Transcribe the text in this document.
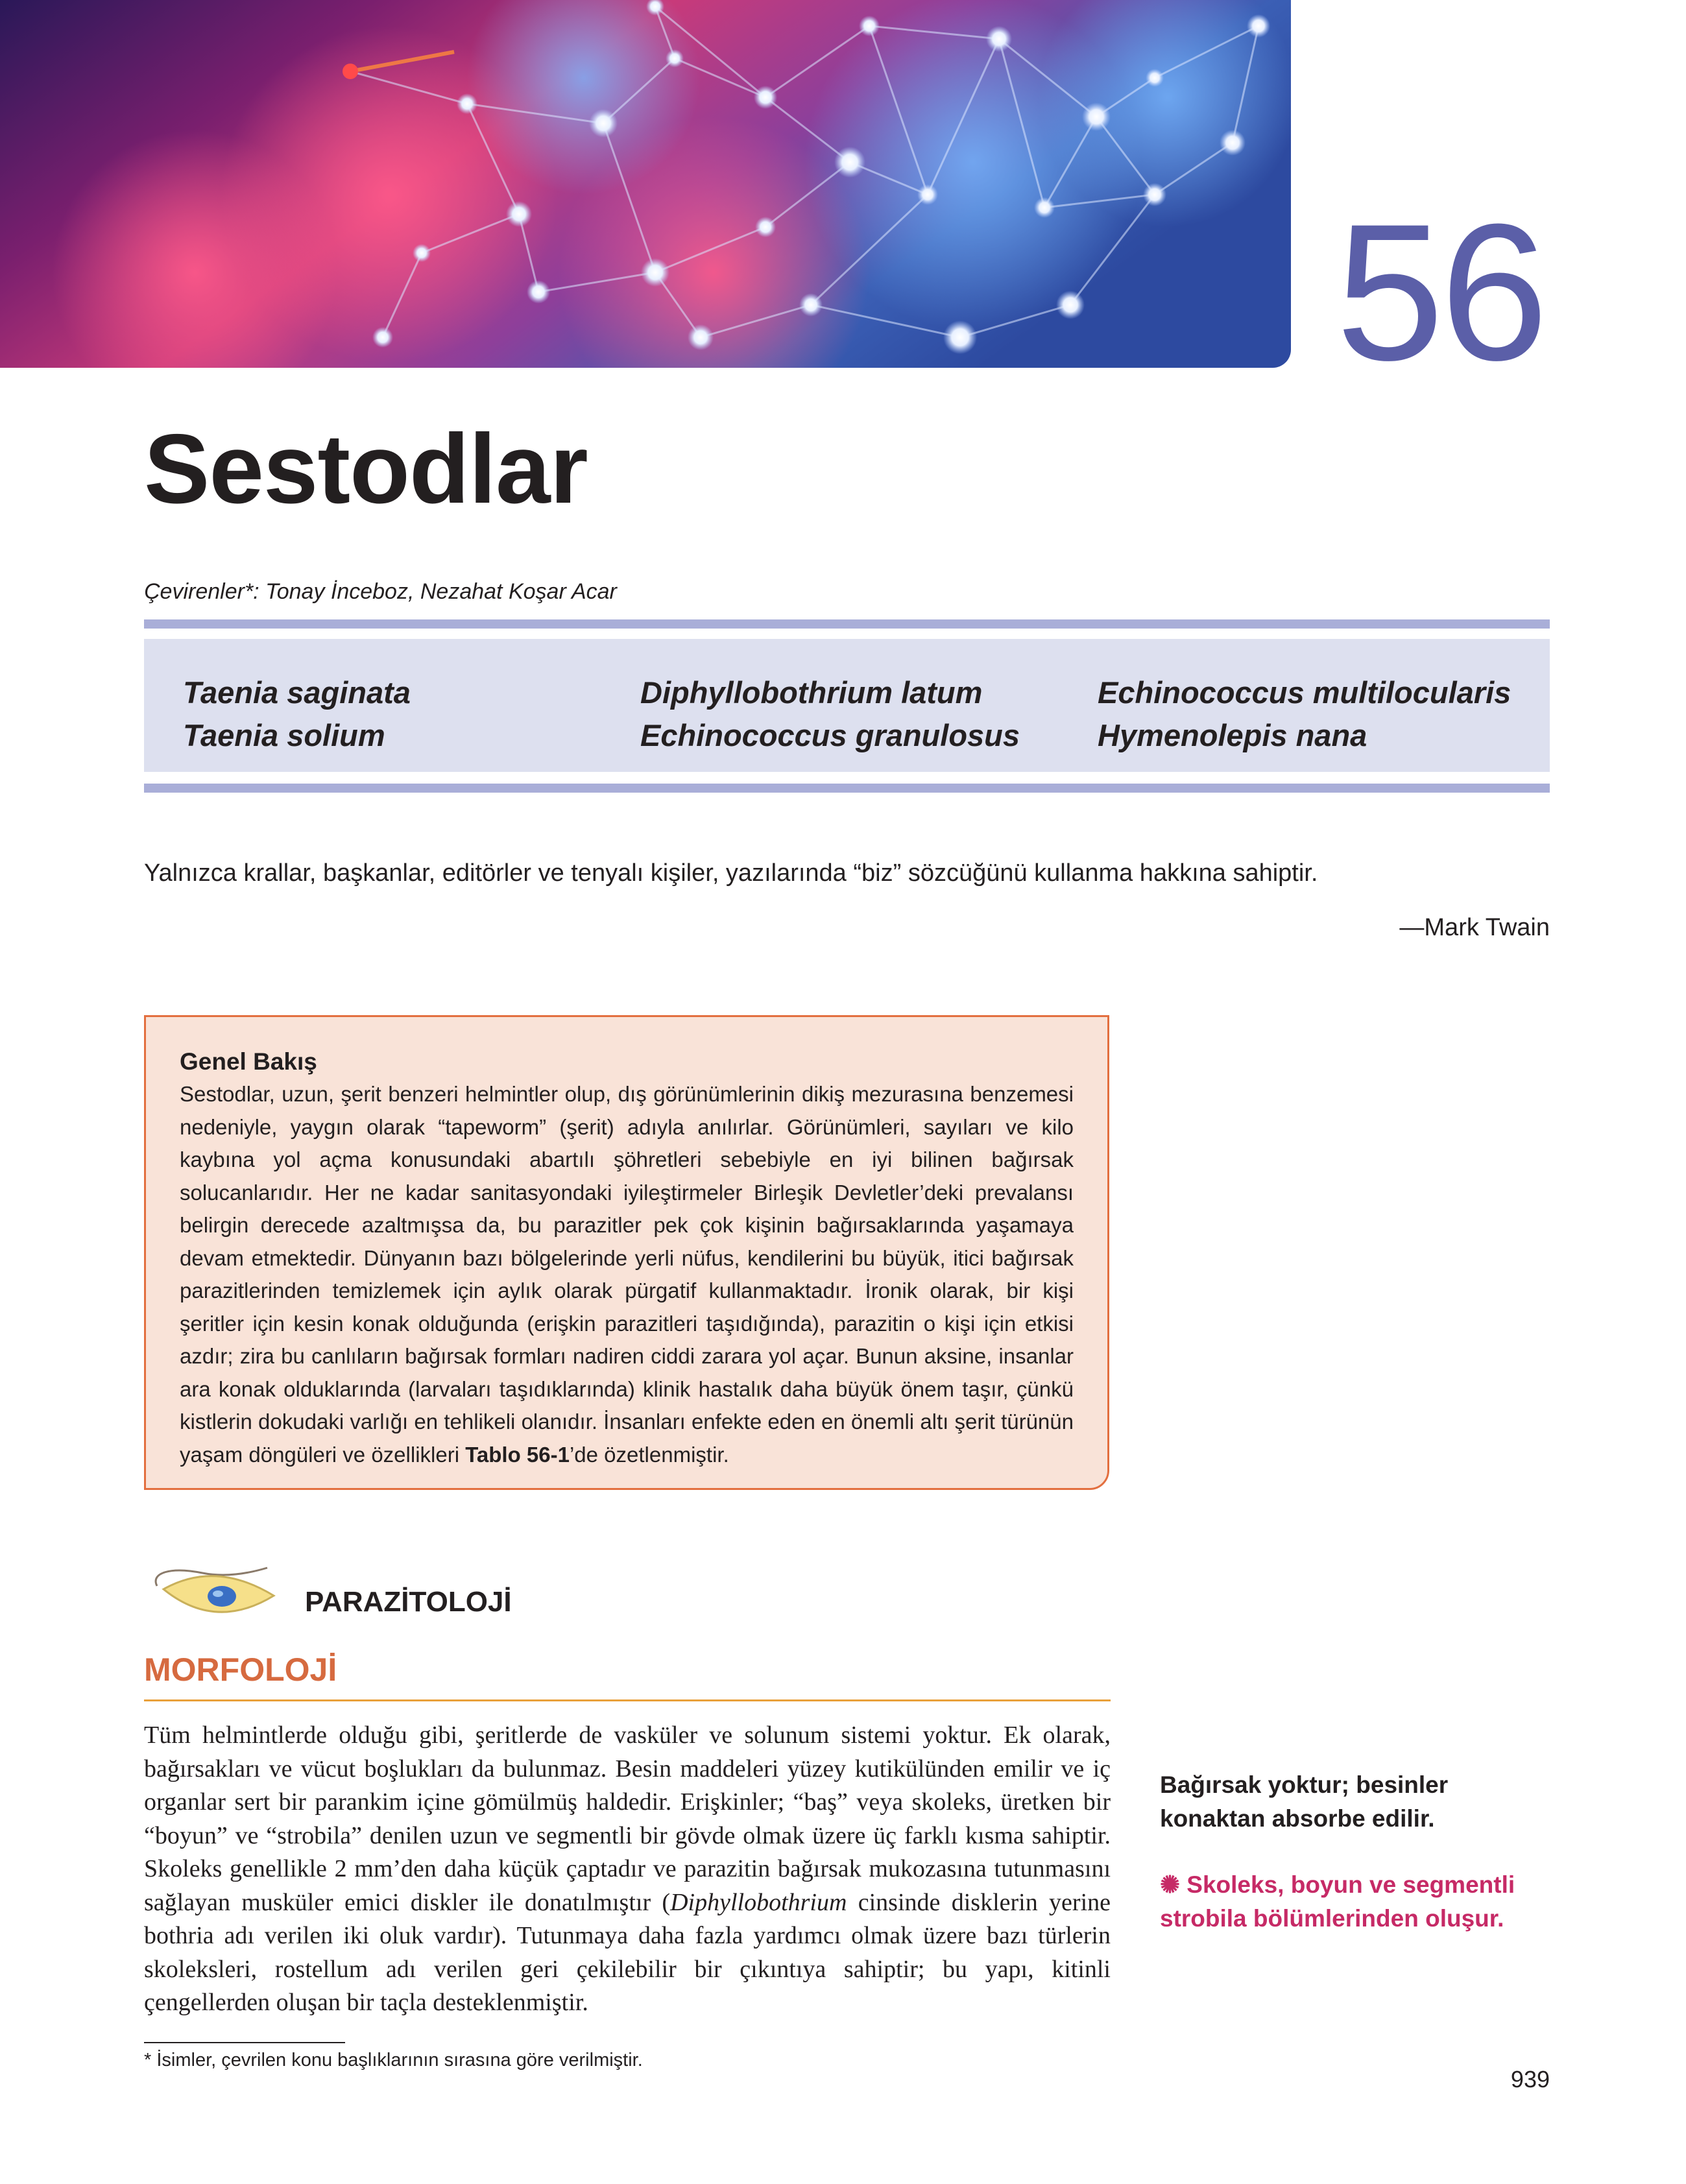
56
Sestodlar
Çevirenler*: Tonay İnceboz, Nezahat Koşar Acar
Taenia saginata
Taenia solium
Diphyllobothrium latum
Echinococcus granulosus
Echinococcus multilocularis
Hymenolepis nana
Yalnızca krallar, başkanlar, editörler ve tenyalı kişiler, yazılarında “biz” sözcüğünü kullanma hakkına sahiptir.
—Mark Twain
Genel Bakış
Sestodlar, uzun, şerit benzeri helmintler olup, dış görünümlerinin dikiş mezurasına benzemesi nedeniyle, yaygın olarak “tapeworm” (şerit) adıyla anılırlar. Görünümleri, sayıları ve kilo kaybına yol açma konusundaki abartılı şöhretleri sebebiyle en iyi bilinen bağırsak solucanlarıdır. Her ne kadar sanitasyondaki iyileştirmeler Birleşik Devletler’deki prevalansı belirgin derecede azaltmışsa da, bu parazitler pek çok kişinin bağırsaklarında yaşamaya devam etmektedir. Dünyanın bazı bölgelerinde yerli nüfus, kendilerini bu büyük, itici bağırsak parazitlerinden temizlemek için aylık olarak pürgatif kullanmaktadır. İronik olarak, bir kişi şeritler için kesin konak olduğunda (erişkin parazitleri taşıdığında), parazitin o kişi için etkisi azdır; zira bu canlıların bağırsak formları nadiren ciddi zarara yol açar. Bunun aksine, insanlar ara konak olduklarında (larvaları taşıdıklarında) klinik hastalık daha büyük önem taşır, çünkü kistlerin dokudaki varlığı en tehlikeli olanıdır. İnsanları enfekte eden en önemli altı şerit türünün yaşam döngüleri ve özellikleri Tablo 56-1’de özetlenmiştir.
PARAZİTOLOJİ
MORFOLOJİ
Tüm helmintlerde olduğu gibi, şeritlerde de vasküler ve solunum sistemi yoktur. Ek olarak, bağırsakları ve vücut boşlukları da bulunmaz. Besin maddeleri yüzey kutikülünden emilir ve iç organlar sert bir parankim içine gömülmüş haldedir. Erişkinler; “baş” veya skoleks, üretken bir “boyun” ve “strobila” denilen uzun ve segmentli bir gövde olmak üzere üç farklı kısma sahiptir. Skoleks genellikle 2 mm’den daha küçük çaptadır ve parazitin bağırsak mukozasına tutunmasını sağlayan musküler emici diskler ile donatılmıştır (Diphyllobothrium cinsinde disklerin yerine bothria adı verilen iki oluk vardır). Tutunmaya daha fazla yardımcı olmak üzere bazı türlerin skoleksleri, rostellum adı verilen geri çekilebilir bir çıkıntıya sahiptir; bu yapı, kitinli çengellerden oluşan bir taçla desteklenmiştir.
Bağırsak yoktur; besinler konaktan absorbe edilir.
✺ Skoleks, boyun ve segmentli strobila bölümlerinden oluşur.
* İsimler, çevrilen konu başlıklarının sırasına göre verilmiştir.
939
